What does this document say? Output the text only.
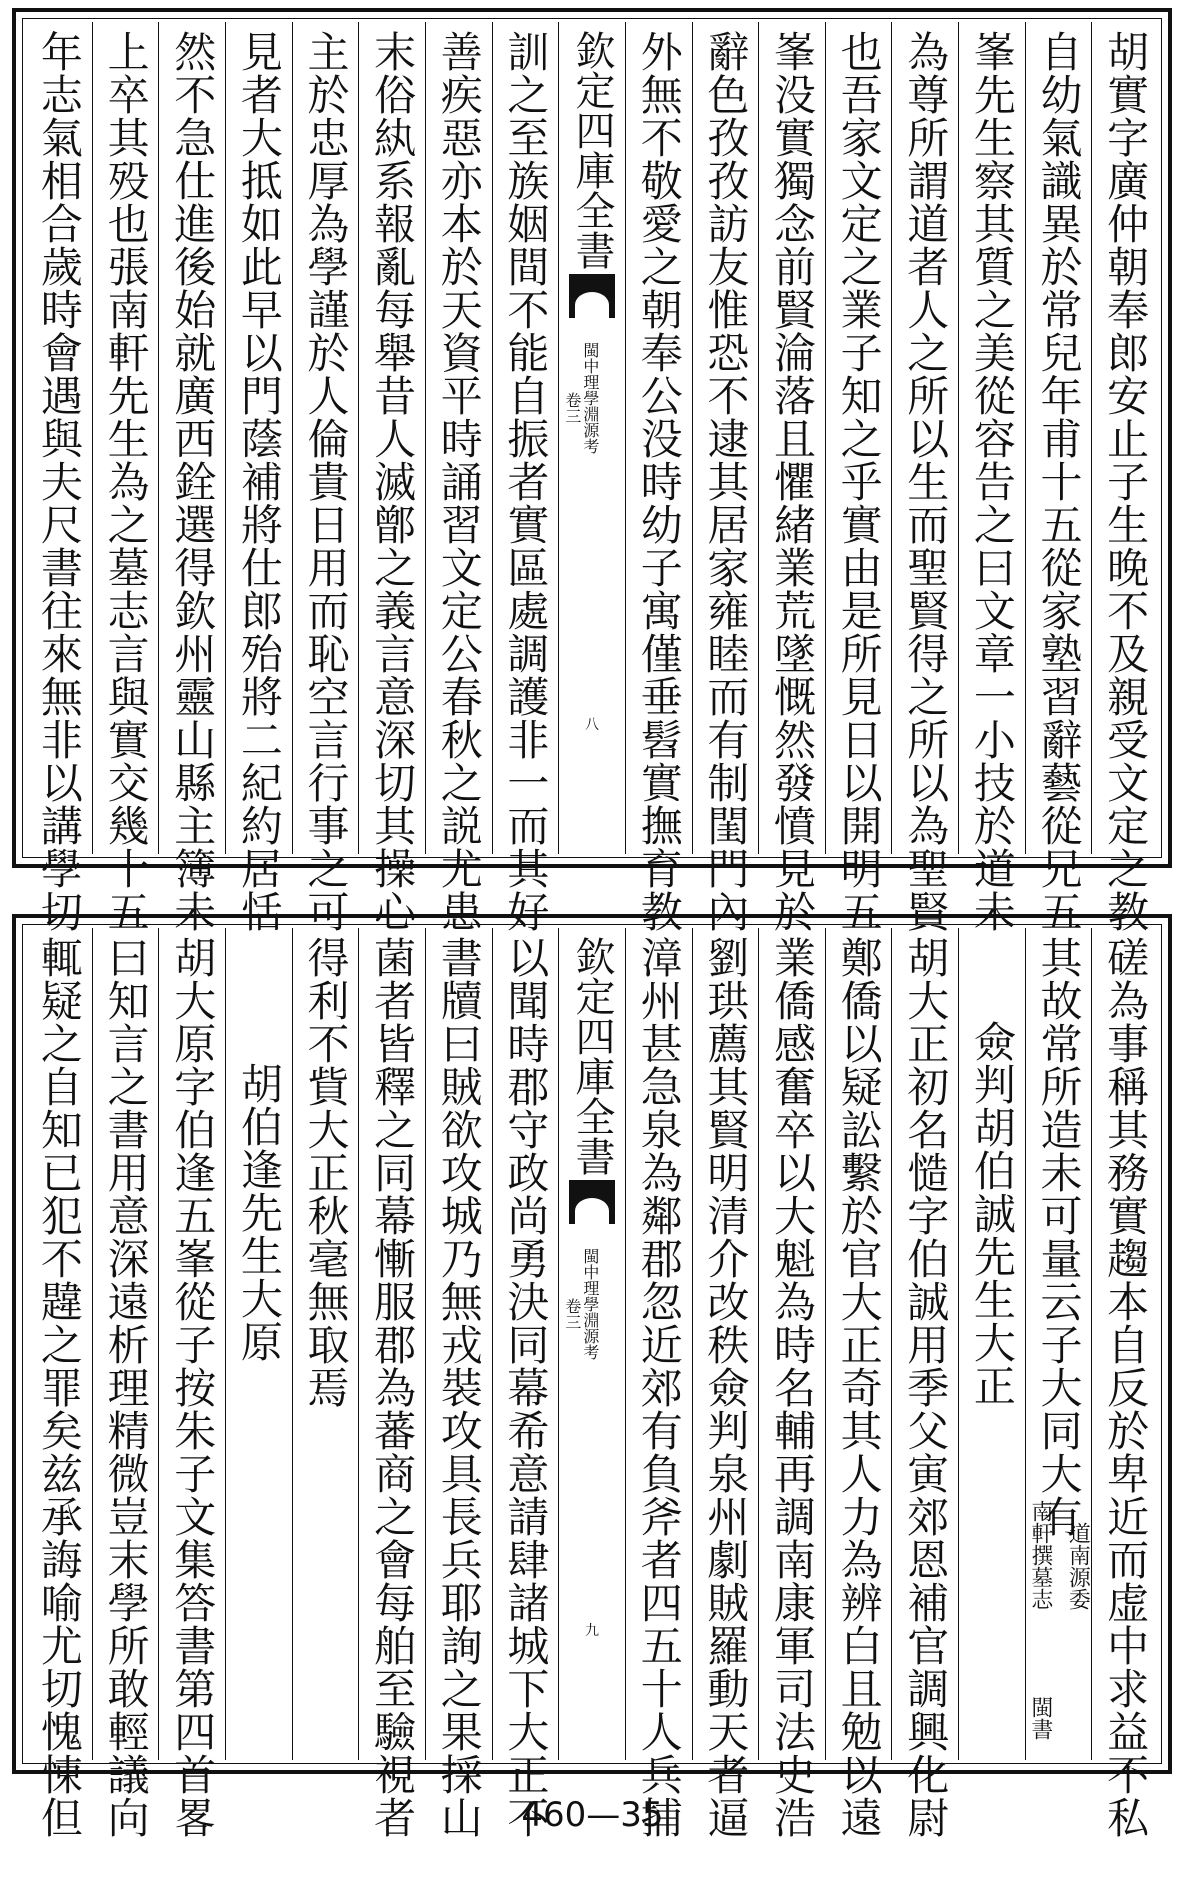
胡實字廣仲朝奉郎安止子生晚不及親受文定之教
自幼氣識異於常兒年甫十五從家塾習辭藝從兄五
峯先生察其質之美從容告之曰文章一小技於道未
為尊所謂道者人之所以生而聖賢得之所以為聖賢
也吾家文定之業子知之乎實由是所見日以開明五
峯没實獨念前賢淪落且懼緒業荒墜慨然發憤見於
辭色孜孜訪友惟恐不逮其居家雍睦而有制閨門內
外無不敬愛之朝奉公没時幼子寓僅垂髫實撫育教
欽定四庫全書
閩中理學淵源考
卷三
八
訓之至族姻間不能自振者實區處調護非一而其好
善疾惡亦本於天資平時誦習文定公春秋之説尤患
末俗紈系報亂每舉昔人滅鄫之義言意深切其操心
主於忠厚為學謹於人倫貴日用而恥空言行事之可
見者大抵如此早以門蔭補將仕郎殆將二紀約居恬
然不急仕進後始就廣西銓選得欽州靈山縣主簿未
上卒其殁也張南軒先生為之墓志言與實交幾十五
年志氣相合歲時會遇與夫尺書往來無非以講學切
磋為事稱其務實趨本自反於卑近而虚中求益不私
其故常所造未可量云子大同大有
道南源委
南軒撰墓志
閩書
僉判胡伯誠先生大正
胡大正初名慥字伯誠用季父寅郊恩補官調興化尉
鄭僑以疑訟繫於官大正奇其人力為辨白且勉以遠
業僑感奮卒以大魁為時名輔再調南康軍司法史浩
劉珙薦其賢明清介改秩僉判泉州劇賊羅動天者逼
漳州甚急泉為鄰郡忽近郊有負斧者四五十人兵捕
欽定四庫全書
閩中理學淵源考
卷三
九
以聞時郡守政尚勇決同幕希意請肆諸城下大正不
書牘曰賊欲攻城乃無戎裝攻具長兵耶詢之果採山
菌者皆釋之同幕慚服郡為蕃商之會每舶至驗視者
得利不貲大正秋毫無取焉
胡伯逢先生大原
胡大原字伯逢五峯從子按朱子文集答書第四首畧
曰知言之書用意深遠析理精微豈末學所敢輕議向
輒疑之自知已犯不韙之罪矣兹承誨喻尤切愧悚但	460—35
